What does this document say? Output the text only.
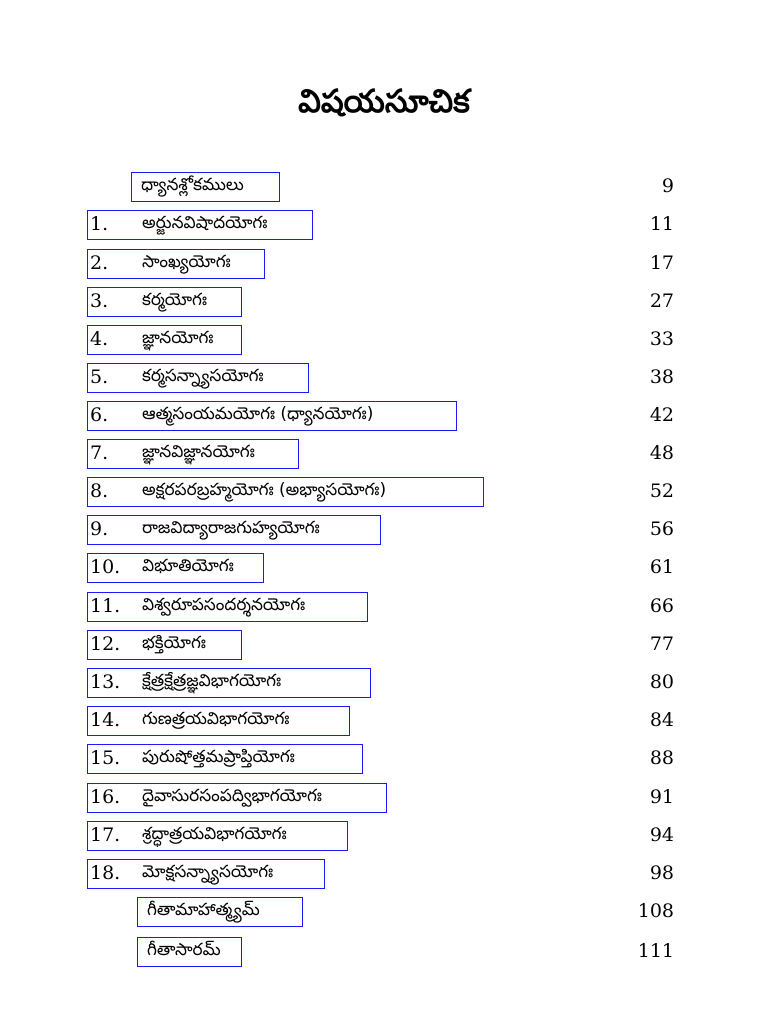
విషయసూచిక
ధ్యానశ్లోకములు	9
1. అర్జునవిషాదయోగః	11
2. సాంఖ్యయోగః	17
3. కర్మయోగః	27
4. జ్ఞానయోగః	33
5. కర్మసన్న్యాసయోగః	38
6. ఆత్మసంయమయోగః (ధ్యానయోగః)	42
7. జ్ఞానవిజ్ఞానయోగః	48
8. అక్షరపరబ్రహ్మయోగః (అభ్యాసయోగః)	52
9. రాజవిద్యారాజగుహ్యయోగః	56
10. విభూతియోగః	61
11. విశ్వరూపసందర్శనయోగః	66
12. భక్తియోగః	77
13. క్షేత్రక్షేత్రజ్ఞవిభాగయోగః	80
14. గుణత్రయవిభాగయోగః	84
15. పురుషోత్తమప్రాప్తియోగః	88
16. దైవాసురసంపద్విభాగయోగః	91
17. శ్రద్ధాత్రయవిభాగయోగః	94
18. మోక్షసన్న్యాసయోగః	98
గీతామాహాత్మ్యమ్	108
గీతాసారమ్	111
